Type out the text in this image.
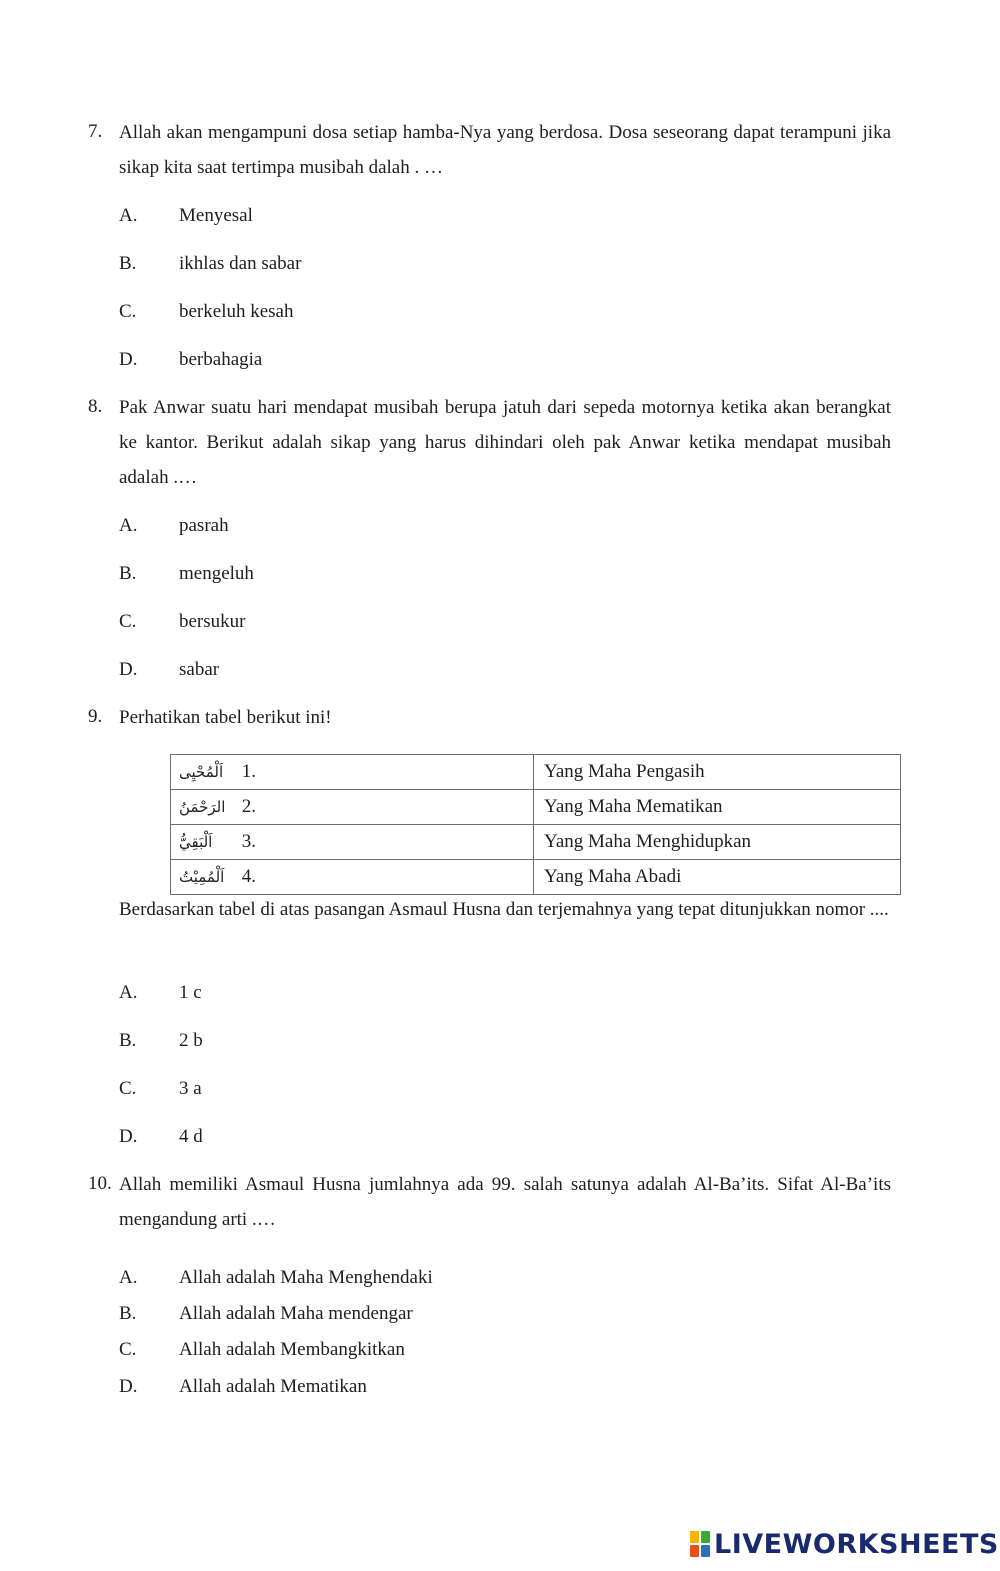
7. Allah akan mengampuni dosa setiap hamba-Nya yang berdosa. Dosa seseorang dapat terampuni jika sikap kita saat tertimpa musibah dalah . …
A. Menyesal
B. ikhlas dan sabar
C. berkeluh kesah
D. berbahagia
8. Pak Anwar suatu hari mendapat musibah berupa jatuh dari sepeda motornya ketika akan berangkat ke kantor. Berikut adalah sikap yang harus dihindari oleh pak Anwar ketika mendapat musibah adalah .…
A. pasrah
B. mengeluh
C. bersukur
D. sabar
9. Perhatikan tabel berikut ini!
اَلْمُحْيِى 1.	Yang Maha Pengasih
الرَحْمَنُ 2.	Yang Maha Mematikan
اَلْبَقِيُّ 3.	Yang Maha Menghidupkan
اَلْمُمِيْتُ 4.	Yang Maha Abadi
Berdasarkan tabel di atas pasangan Asmaul Husna dan terjemahnya yang tepat ditunjukkan nomor ....
A. 1 c
B. 2 b
C. 3 a
D. 4 d
10. Allah memiliki Asmaul Husna jumlahnya ada 99. salah satunya adalah Al-Ba’its. Sifat Al-Ba’its mengandung arti .…
A. Allah adalah Maha Menghendaki
B. Allah adalah Maha mendengar
C. Allah adalah Membangkitkan
D. Allah adalah Mematikan
LIVEWORKSHEETS
